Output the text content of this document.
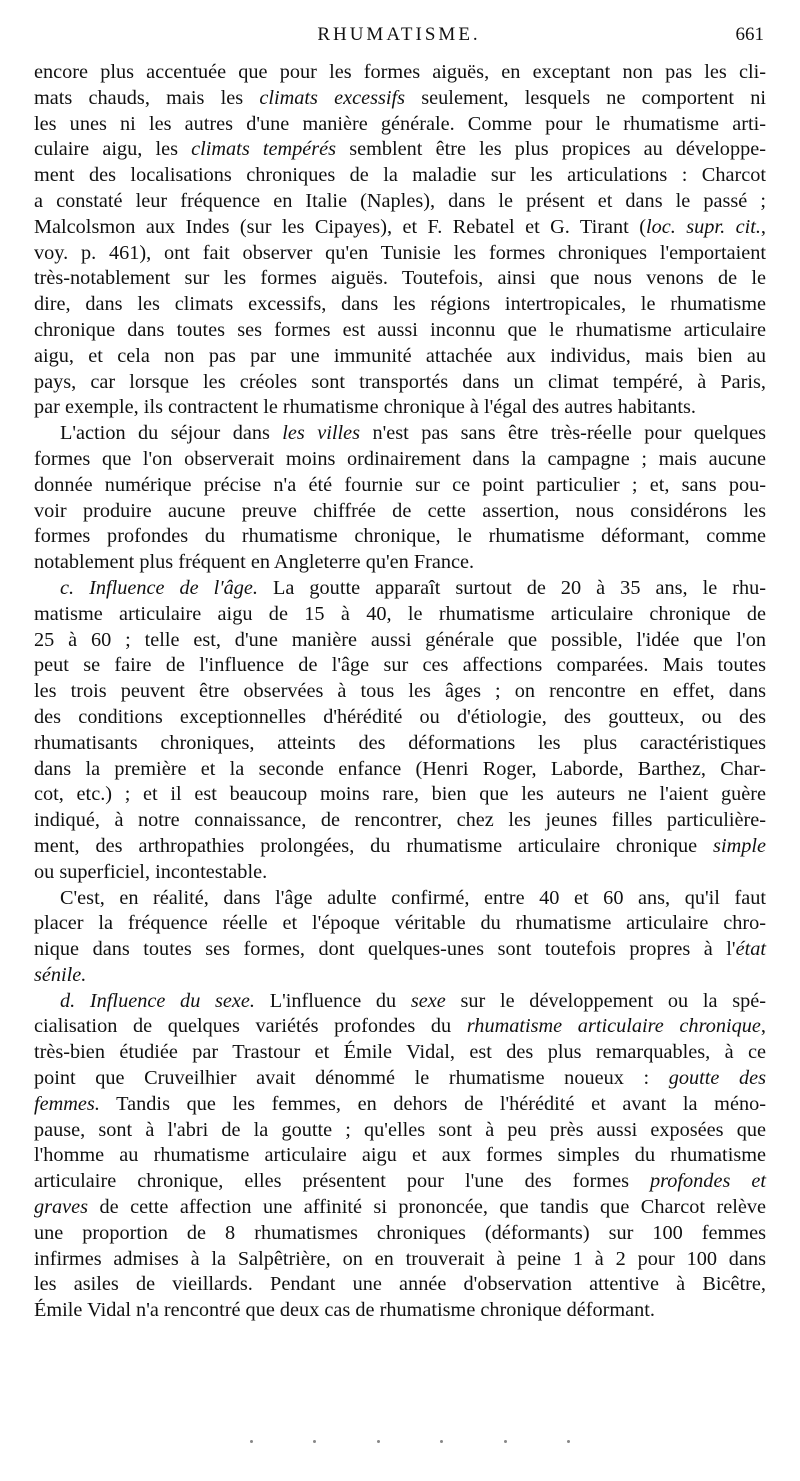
RHUMATISME.	661
encore plus accentuée que pour les formes aiguës, en exceptant non pas les cli-
mats chauds, mais les climats excessifs seulement, lesquels ne comportent ni
les unes ni les autres d'une manière générale. Comme pour le rhumatisme arti-
culaire aigu, les climats tempérés semblent être les plus propices au développe-
ment des localisations chroniques de la maladie sur les articulations : Charcot
a constaté leur fréquence en Italie (Naples), dans le présent et dans le passé ;
Malcolsmon aux Indes (sur les Cipayes), et F. Rebatel et G. Tirant (loc. supr. cit.,
voy. p. 461), ont fait observer qu'en Tunisie les formes chroniques l'emportaient
très-notablement sur les formes aiguës. Toutefois, ainsi que nous venons de le
dire, dans les climats excessifs, dans les régions intertropicales, le rhumatisme
chronique dans toutes ses formes est aussi inconnu que le rhumatisme articulaire
aigu, et cela non pas par une immunité attachée aux individus, mais bien au
pays, car lorsque les créoles sont transportés dans un climat tempéré, à Paris,
par exemple, ils contractent le rhumatisme chronique à l'égal des autres habitants.
L'action du séjour dans les villes n'est pas sans être très-réelle pour quelques
formes que l'on observerait moins ordinairement dans la campagne ; mais aucune
donnée numérique précise n'a été fournie sur ce point particulier ; et, sans pou-
voir produire aucune preuve chiffrée de cette assertion, nous considérons les
formes profondes du rhumatisme chronique, le rhumatisme déformant, comme
notablement plus fréquent en Angleterre qu'en France.
c. Influence de l'âge. La goutte apparaît surtout de 20 à 35 ans, le rhu-
matisme articulaire aigu de 15 à 40, le rhumatisme articulaire chronique de
25 à 60 ; telle est, d'une manière aussi générale que possible, l'idée que l'on
peut se faire de l'influence de l'âge sur ces affections comparées. Mais toutes
les trois peuvent être observées à tous les âges ; on rencontre en effet, dans
des conditions exceptionnelles d'hérédité ou d'étiologie, des goutteux, ou des
rhumatisants chroniques, atteints des déformations les plus caractéristiques
dans la première et la seconde enfance (Henri Roger, Laborde, Barthez, Char-
cot, etc.) ; et il est beaucoup moins rare, bien que les auteurs ne l'aient guère
indiqué, à notre connaissance, de rencontrer, chez les jeunes filles particulière-
ment, des arthropathies prolongées, du rhumatisme articulaire chronique simple
ou superficiel, incontestable.
C'est, en réalité, dans l'âge adulte confirmé, entre 40 et 60 ans, qu'il faut
placer la fréquence réelle et l'époque véritable du rhumatisme articulaire chro-
nique dans toutes ses formes, dont quelques-unes sont toutefois propres à l'état
sénile.
d. Influence du sexe. L'influence du sexe sur le développement ou la spé-
cialisation de quelques variétés profondes du rhumatisme articulaire chronique,
très-bien étudiée par Trastour et Émile Vidal, est des plus remarquables, à ce
point que Cruveilhier avait dénommé le rhumatisme noueux : goutte des
femmes. Tandis que les femmes, en dehors de l'hérédité et avant la méno-
pause, sont à l'abri de la goutte ; qu'elles sont à peu près aussi exposées que
l'homme au rhumatisme articulaire aigu et aux formes simples du rhumatisme
articulaire chronique, elles présentent pour l'une des formes profondes et
graves de cette affection une affinité si prononcée, que tandis que Charcot relève
une proportion de 8 rhumatismes chroniques (déformants) sur 100 femmes
infirmes admises à la Salpêtrière, on en trouverait à peine 1 à 2 pour 100 dans
les asiles de vieillards. Pendant une année d'observation attentive à Bicêtre,
Émile Vidal n'a rencontré que deux cas de rhumatisme chronique déformant.
